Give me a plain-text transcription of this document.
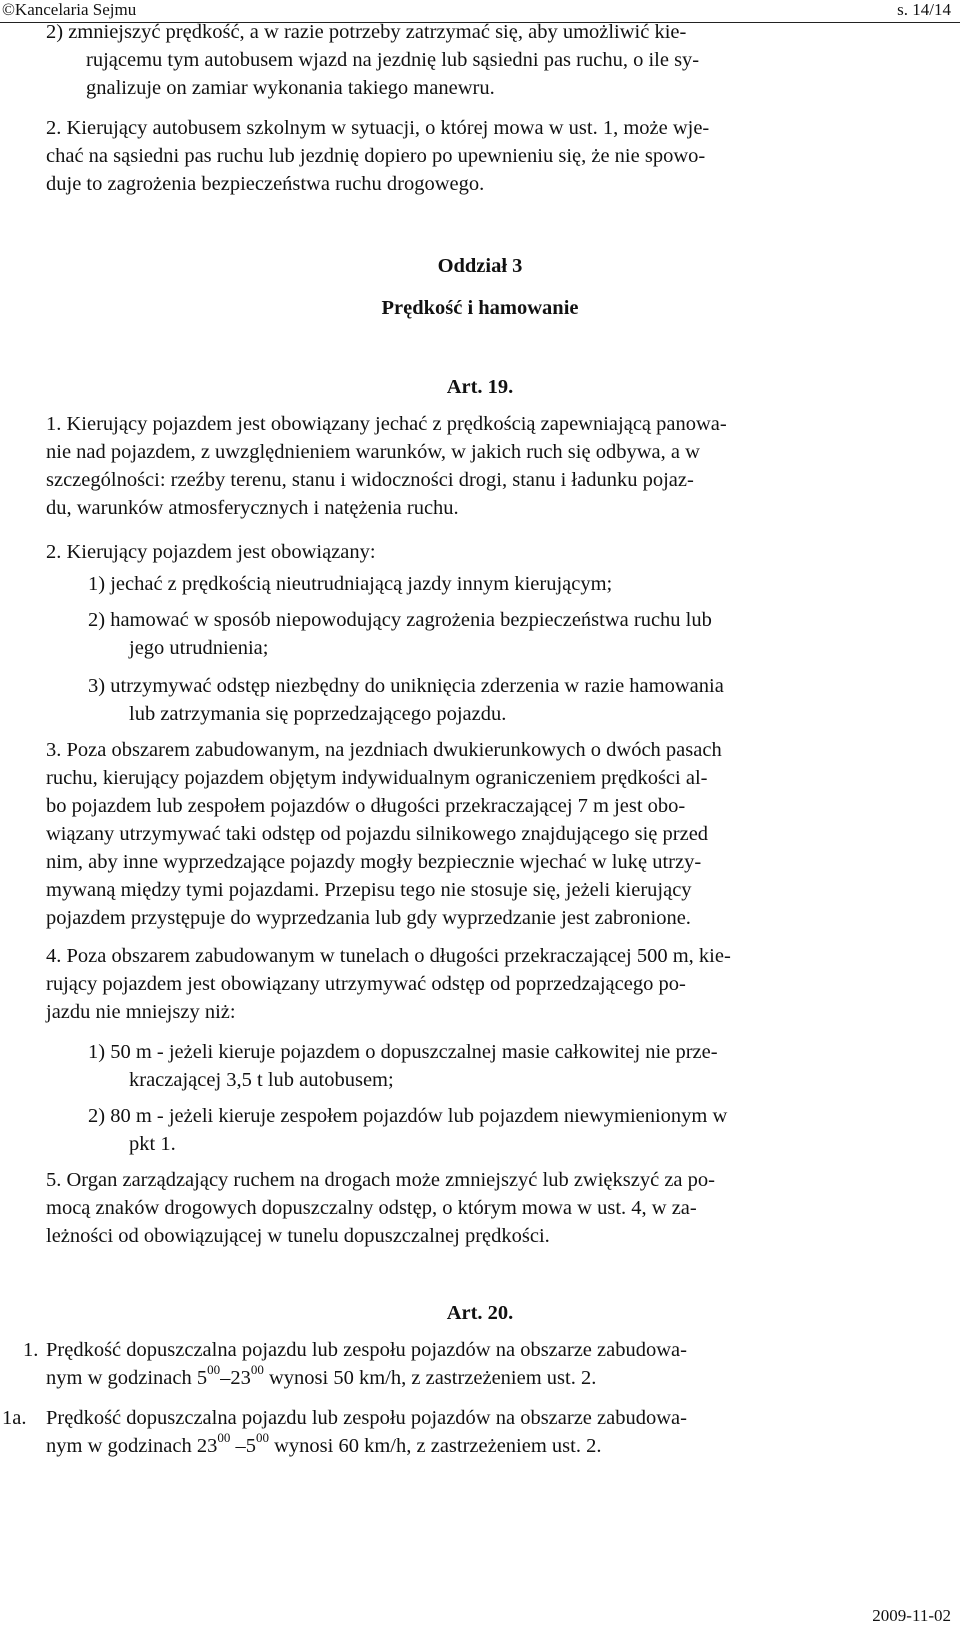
©Kancelaria Sejmu	s. 14/14
2) zmniejszyć prędkość, a w razie potrzeby zatrzymać się, aby umożliwić kie-
rującemu tym autobusem wjazd na jezdnię lub sąsiedni pas ruchu, o ile sy-
gnalizuje on zamiar wykonania takiego manewru.
2. Kierujący autobusem szkolnym w sytuacji, o której mowa w ust. 1, może wje-
chać na sąsiedni pas ruchu lub jezdnię dopiero po upewnieniu się, że nie spowo-
duje to zagrożenia bezpieczeństwa ruchu drogowego.
Oddział 3
Prędkość i hamowanie
Art. 19.
1. Kierujący pojazdem jest obowiązany jechać z prędkością zapewniającą panowa-
nie nad pojazdem, z uwzględnieniem warunków, w jakich ruch się odbywa, a w
szczególności: rzeźby terenu, stanu i widoczności drogi, stanu i ładunku pojaz-
du, warunków atmosferycznych i natężenia ruchu.
2. Kierujący pojazdem jest obowiązany:
1) jechać z prędkością nieutrudniającą jazdy innym kierującym;
2) hamować w sposób niepowodujący zagrożenia bezpieczeństwa ruchu lub
jego utrudnienia;
3) utrzymywać odstęp niezbędny do uniknięcia zderzenia w razie hamowania
lub zatrzymania się poprzedzającego pojazdu.
3. Poza obszarem zabudowanym, na jezdniach dwukierunkowych o dwóch pasach
ruchu, kierujący pojazdem objętym indywidualnym ograniczeniem prędkości al-
bo pojazdem lub zespołem pojazdów o długości przekraczającej 7 m jest obo-
wiązany utrzymywać taki odstęp od pojazdu silnikowego znajdującego się przed
nim, aby inne wyprzedzające pojazdy mogły bezpiecznie wjechać w lukę utrzy-
mywaną między tymi pojazdami. Przepisu tego nie stosuje się, jeżeli kierujący
pojazdem przystępuje do wyprzedzania lub gdy wyprzedzanie jest zabronione.
4. Poza obszarem zabudowanym w tunelach o długości przekraczającej 500 m, kie-
rujący pojazdem jest obowiązany utrzymywać odstęp od poprzedzającego po-
jazdu nie mniejszy niż:
1) 50 m - jeżeli kieruje pojazdem o dopuszczalnej masie całkowitej nie prze-
kraczającej 3,5 t lub autobusem;
2) 80 m - jeżeli kieruje zespołem pojazdów lub pojazdem niewymienionym w
pkt 1.
5. Organ zarządzający ruchem na drogach może zmniejszyć lub zwiększyć za po-
mocą znaków drogowych dopuszczalny odstęp, o którym mowa w ust. 4, w za-
leżności od obowiązującej w tunelu dopuszczalnej prędkości.
Art. 20.
1. Prędkość dopuszczalna pojazdu lub zespołu pojazdów na obszarze zabudowa-
nym w godzinach $5^{00}-23^{00}$ wynosi 50 km/h, z zastrzeżeniem ust. 2.
1a. Prędkość dopuszczalna pojazdu lub zespołu pojazdów na obszarze zabudowa-
nym w godzinach $23^{00}$ $-5^{00}$ wynosi 60 km/h, z zastrzeżeniem ust. 2.
2009-11-02
